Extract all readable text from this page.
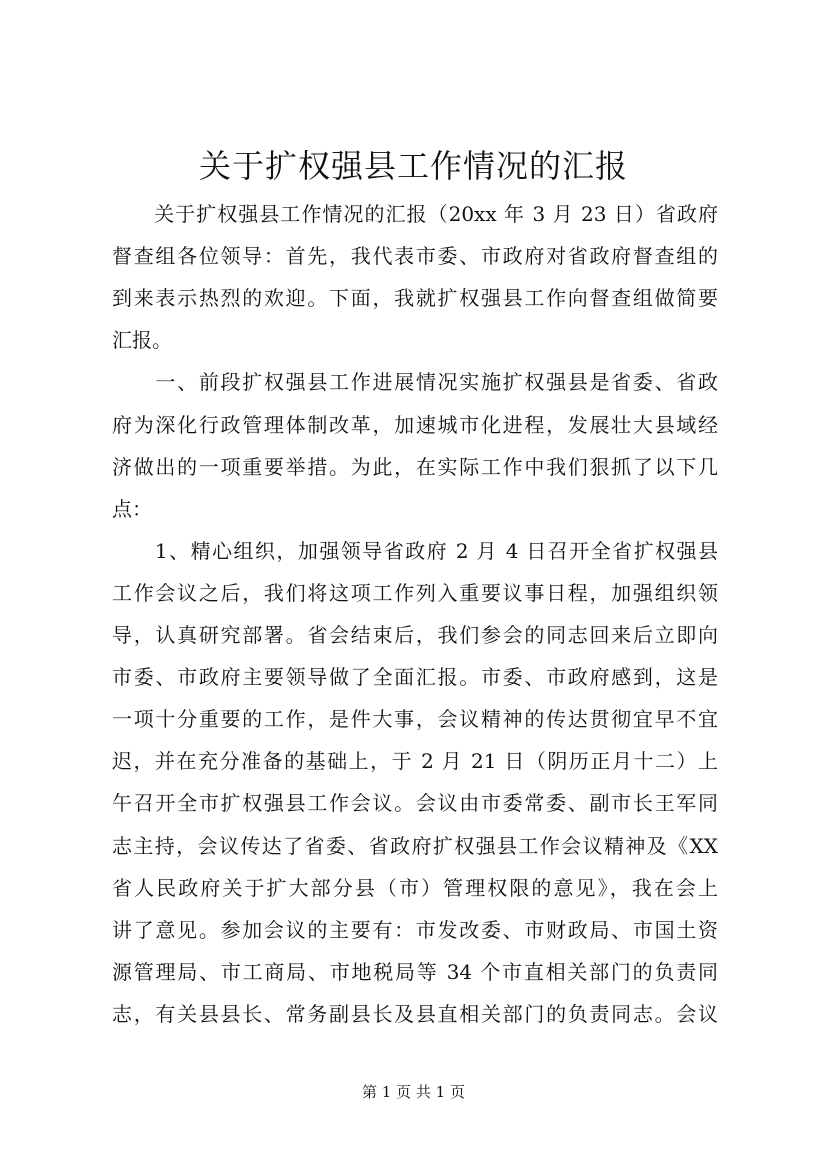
关于扩权强县工作情况的汇报
　　关于扩权强县工作情况的汇报（20xx 年 3 月 23 日）省政府
督查组各位领导：首先，我代表市委、市政府对省政府督查组的
到来表示热烈的欢迎。下面，我就扩权强县工作向督查组做简要
汇报。
　　一、前段扩权强县工作进展情况实施扩权强县是省委、省政
府为深化行政管理体制改革，加速城市化进程，发展壮大县域经
济做出的一项重要举措。为此，在实际工作中我们狠抓了以下几
点：
　　1、精心组织，加强领导省政府 2 月 4 日召开全省扩权强县
工作会议之后，我们将这项工作列入重要议事日程，加强组织领
导，认真研究部署。省会结束后，我们参会的同志回来后立即向
市委、市政府主要领导做了全面汇报。市委、市政府感到，这是
一项十分重要的工作，是件大事，会议精神的传达贯彻宜早不宜
迟，并在充分准备的基础上，于 2 月 21 日（阴历正月十二）上
午召开全市扩权强县工作会议。会议由市委常委、副市长王军同
志主持，会议传达了省委、省政府扩权强县工作会议精神及《XX
省人民政府关于扩大部分县（市）管理权限的意见》，我在会上
讲了意见。参加会议的主要有：市发改委、市财政局、市国土资
源管理局、市工商局、市地税局等 34 个市直相关部门的负责同
志，有关县县长、常务副县长及县直相关部门的负责同志。会议
第 1 页 共 1 页
